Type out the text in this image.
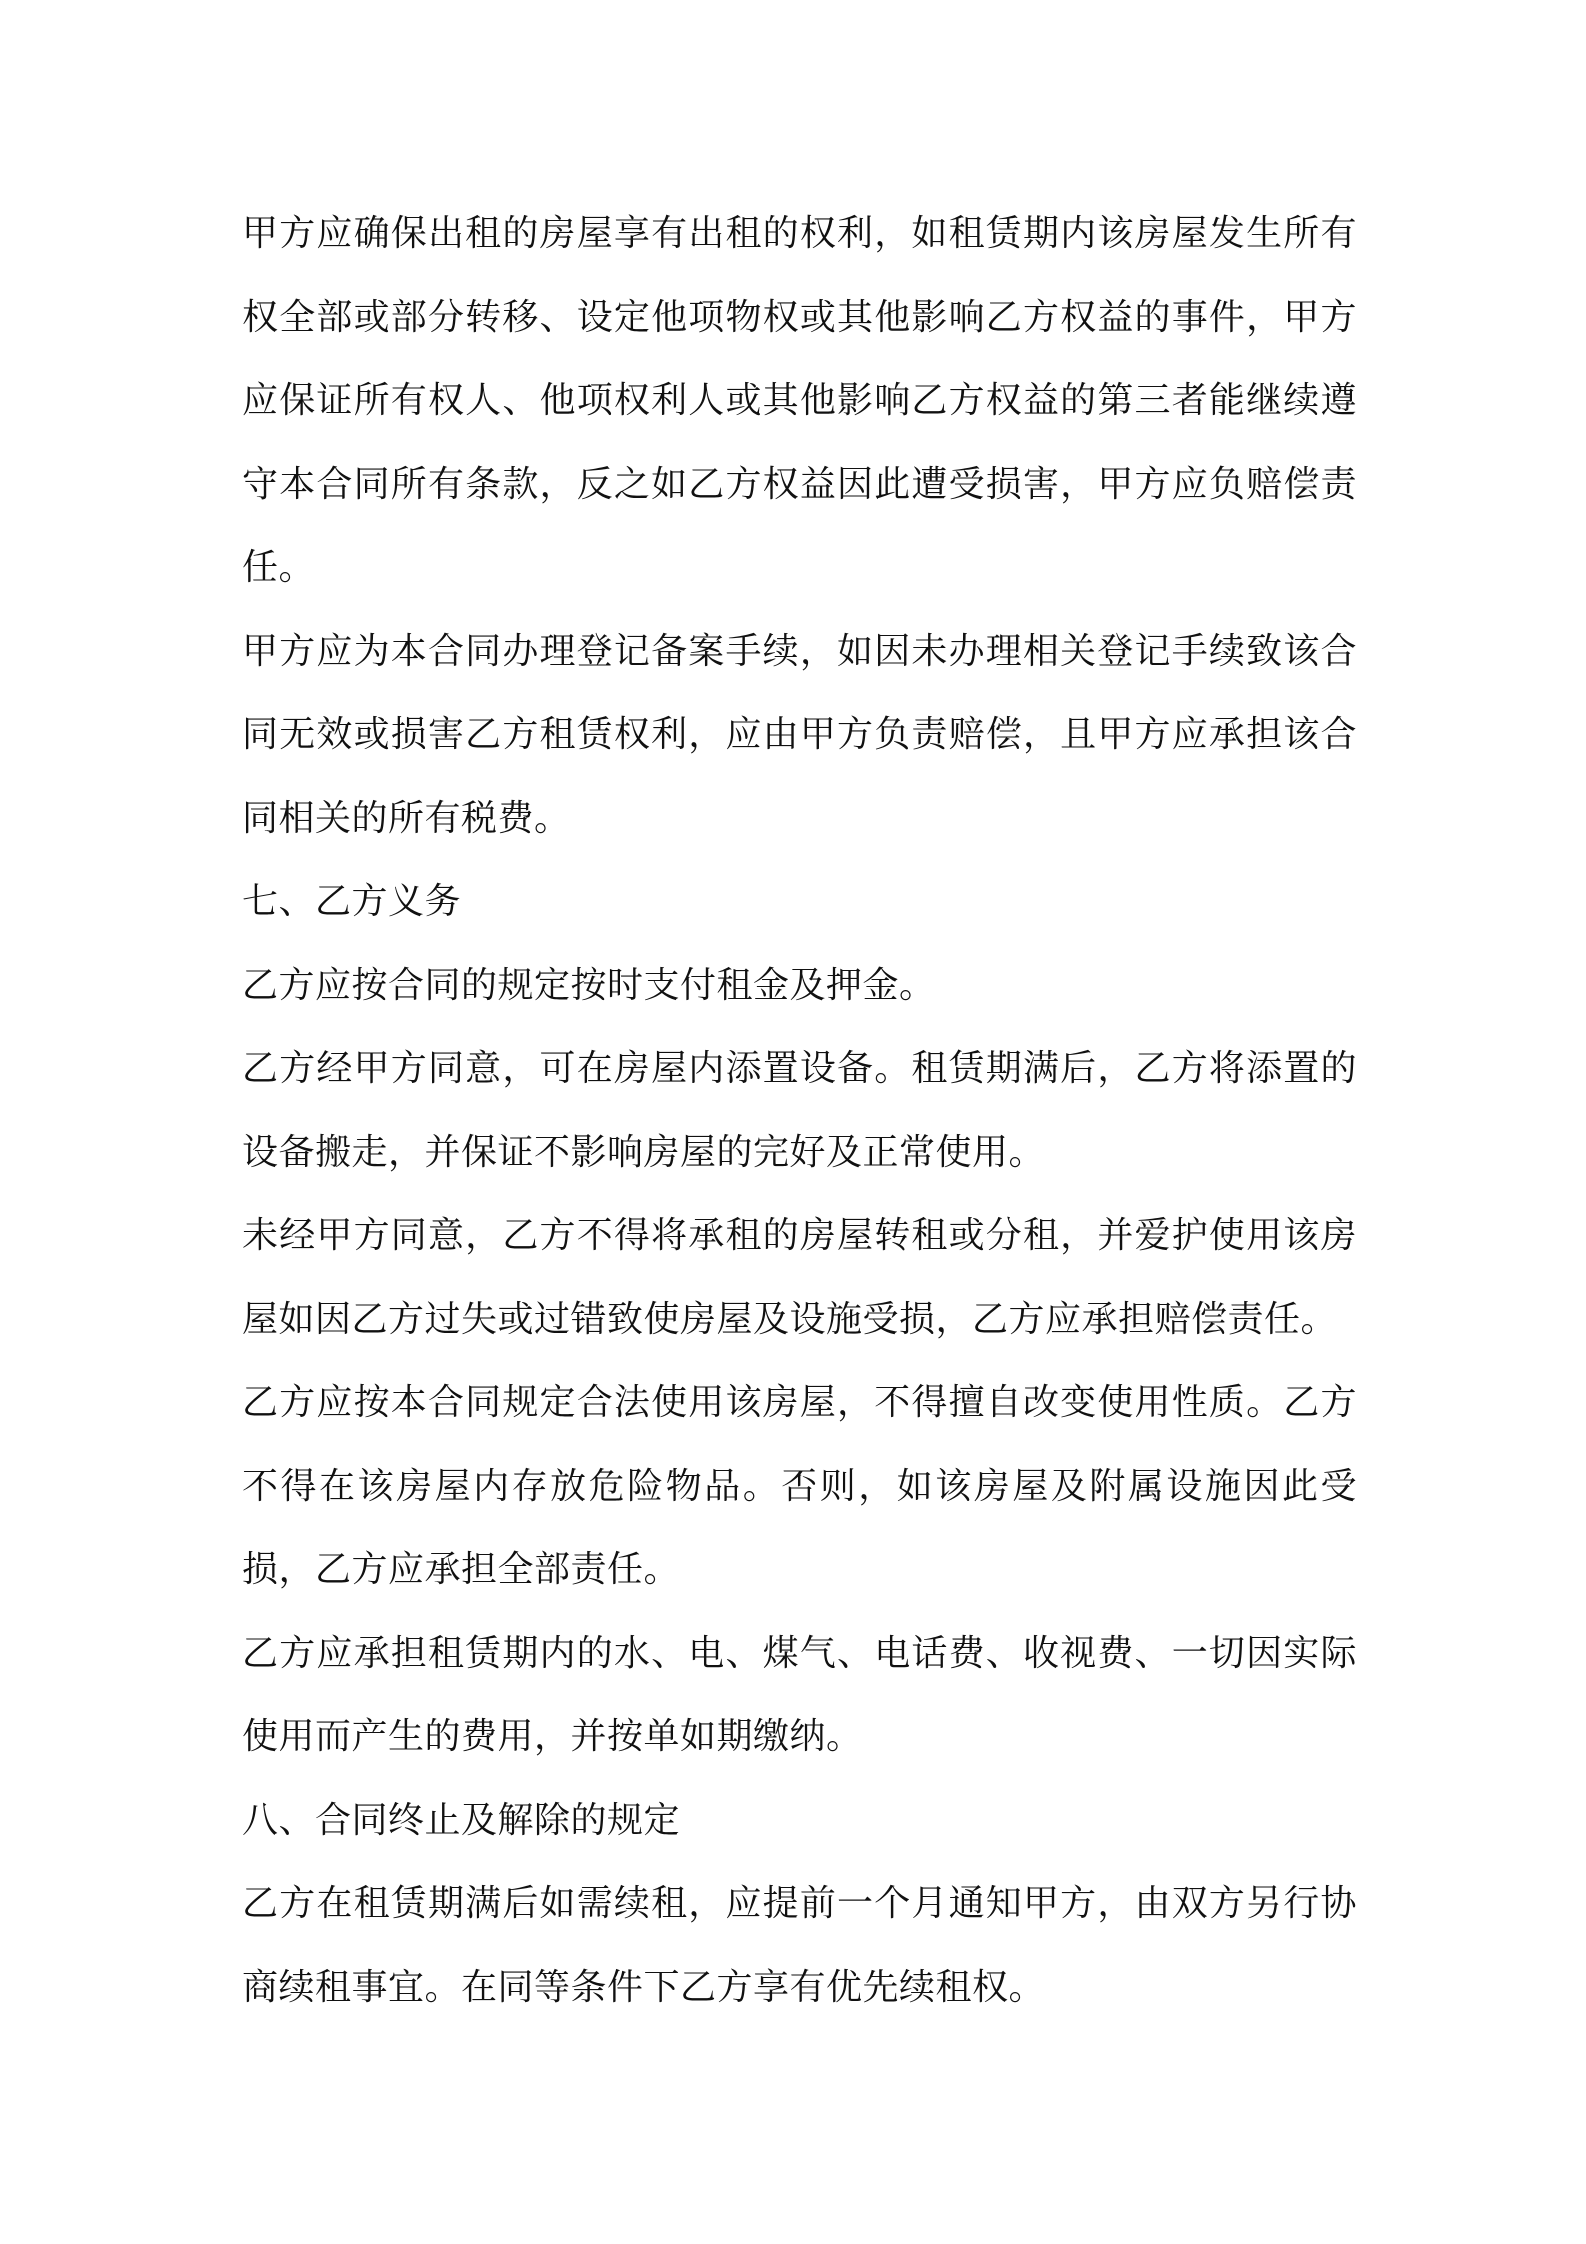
甲方应确保出租的房屋享有出租的权利，如租赁期内该房屋发生所有权全部或部分转移、设定他项物权或其他影响乙方权益的事件，甲方应保证所有权人、他项权利人或其他影响乙方权益的第三者能继续遵守本合同所有条款，反之如乙方权益因此遭受损害，甲方应负赔偿责任。

甲方应为本合同办理登记备案手续，如因未办理相关登记手续致该合同无效或损害乙方租赁权利，应由甲方负责赔偿，且甲方应承担该合同相关的所有税费。

七、乙方义务

乙方应按合同的规定按时支付租金及押金。

乙方经甲方同意，可在房屋内添置设备。租赁期满后，乙方将添置的设备搬走，并保证不影响房屋的完好及正常使用。

未经甲方同意，乙方不得将承租的房屋转租或分租，并爱护使用该房屋如因乙方过失或过错致使房屋及设施受损，乙方应承担赔偿责任。

乙方应按本合同规定合法使用该房屋，不得擅自改变使用性质。乙方不得在该房屋内存放危险物品。否则，如该房屋及附属设施因此受损，乙方应承担全部责任。

乙方应承担租赁期内的水、电、煤气、电话费、收视费、一切因实际使用而产生的费用，并按单如期缴纳。

八、合同终止及解除的规定

乙方在租赁期满后如需续租，应提前一个月通知甲方，由双方另行协商续租事宜。在同等条件下乙方享有优先续租权。
